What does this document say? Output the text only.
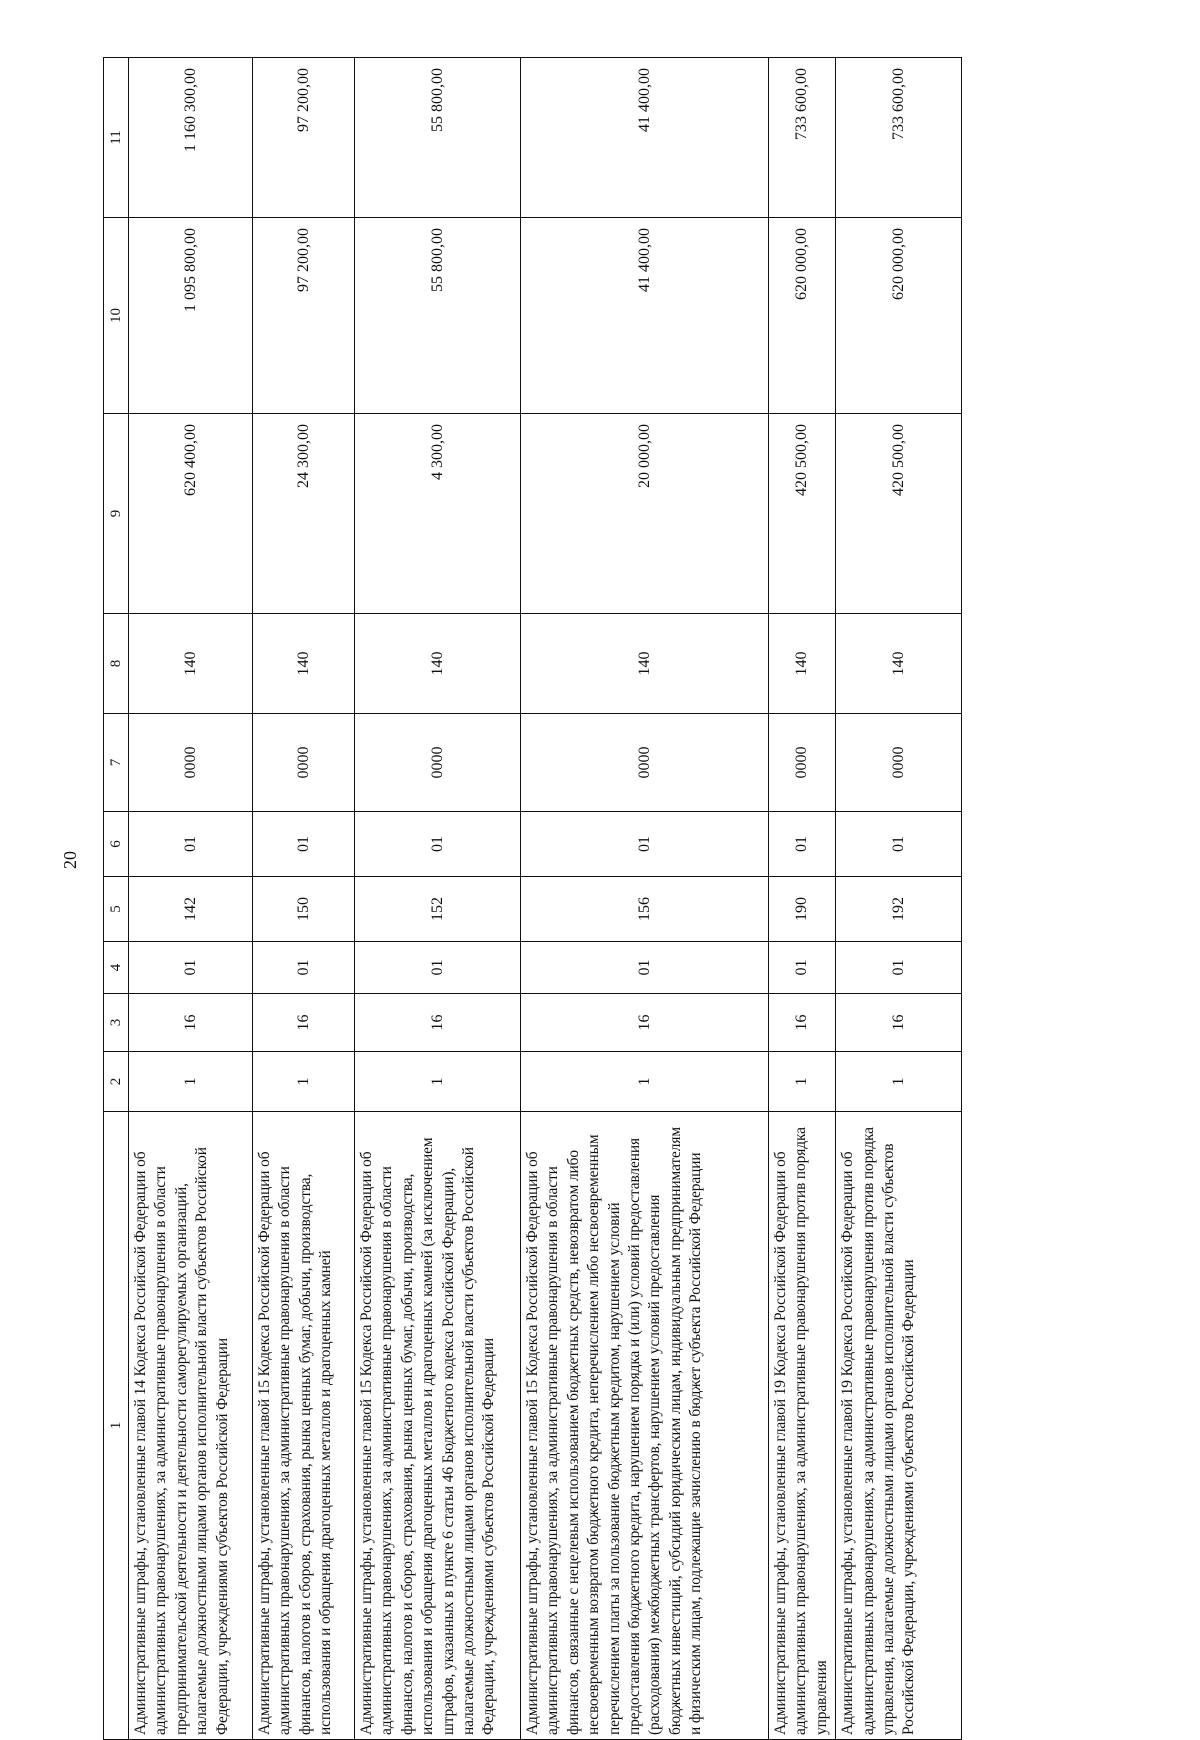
20
1	2	3	4	5	6	7	8	9	10	11
Административные штрафы, установленные главой 14 Кодекса Российской Федерации об административных правонарушениях, за административные правонарушения в области предпринимательской деятельности и деятельности саморегулируемых организаций, налагаемые должностными лицами органов исполнительной власти субъектов Российской Федерации, учреждениями субъектов Российской Федерации	1	16	01	142	01	0000	140	620 400,00	1 095 800,00	1 160 300,00
Административные штрафы, установленные главой 15 Кодекса Российской Федерации об административных правонарушениях, за административные правонарушения в области финансов, налогов и сборов, страхования, рынка ценных бумаг, добычи, производства, использования и обращения драгоценных металлов и драгоценных камней	1	16	01	150	01	0000	140	24 300,00	97 200,00	97 200,00
Административные штрафы, установленные главой 15 Кодекса Российской Федерации об административных правонарушениях, за административные правонарушения в области финансов, налогов и сборов, страхования, рынка ценных бумаг, добычи, производства, использования и обращения драгоценных металлов и драгоценных камней (за исключением штрафов, указанных в пункте 6 статьи 46 Бюджетного кодекса Российской Федерации), налагаемые должностными лицами органов исполнительной власти субъектов Российской Федерации, учреждениями субъектов Российской Федерации	1	16	01	152	01	0000	140	4 300,00	55 800,00	55 800,00
Административные штрафы, установленные главой 15 Кодекса Российской Федерации об административных правонарушениях, за административные правонарушения в области финансов, связанные с нецелевым использованием бюджетных средств, невозвратом либо несвоевременным возвратом бюджетного кредита, неперечислением либо несвоевременным перечислением платы за пользование бюджетным кредитом, нарушением условий предоставления бюджетного кредита, нарушением порядка и (или) условий предоставления (расходования) межбюджетных трансфертов, нарушением условий предоставления бюджетных инвестиций, субсидий юридическим лицам, индивидуальным предпринимателям и физическим лицам, подлежащие зачислению в бюджет субъекта Российской Федерации	1	16	01	156	01	0000	140	20 000,00	41 400,00	41 400,00
Административные штрафы, установленные главой 19 Кодекса Российской Федерации об административных правонарушениях, за административные правонарушения против порядка управления	1	16	01	190	01	0000	140	420 500,00	620 000,00	733 600,00
Административные штрафы, установленные главой 19 Кодекса Российской Федерации об административных правонарушениях, за административные правонарушения против порядка управления, налагаемые должностными лицами органов исполнительной власти субъектов Российской Федерации, учреждениями субъектов Российской Федерации	1	16	01	192	01	0000	140	420 500,00	620 000,00	733 600,00
